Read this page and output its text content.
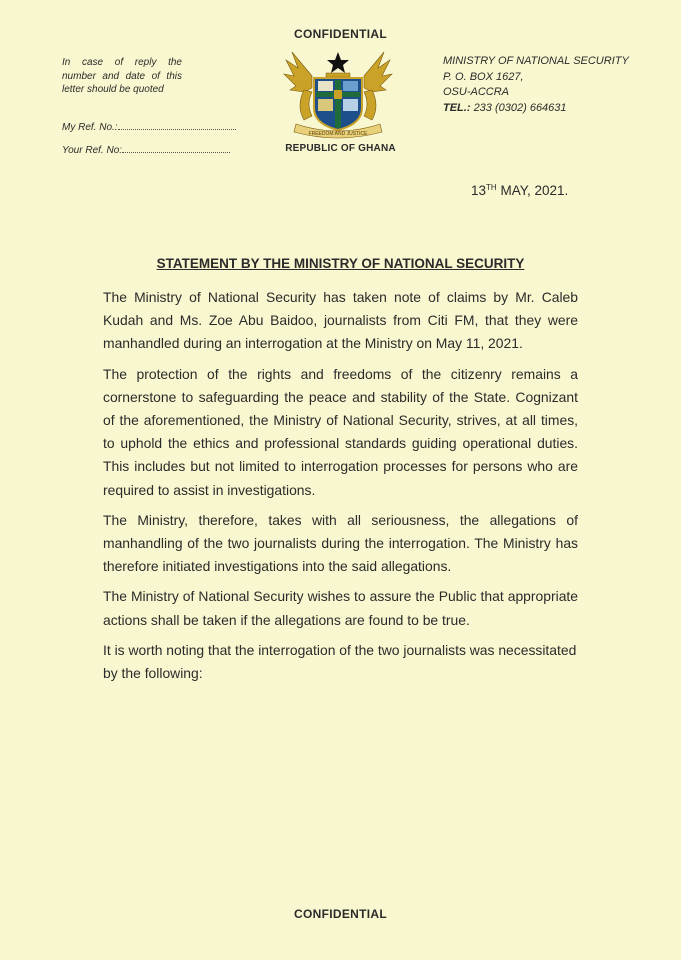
CONFIDENTIAL
In case of reply the number and date of this letter should be quoted
My Ref. No.:
Your Ref. No:
FREEDOM AND JUSTICE
REPUBLIC OF GHANA
MINISTRY OF NATIONAL SECURITY
P. O. BOX 1627,
OSU-ACCRA
TEL.: 233 (0302) 664631
13TH MAY, 2021.
STATEMENT BY THE MINISTRY OF NATIONAL SECURITY

The Ministry of National Security has taken note of claims by Mr. Caleb Kudah and Ms. Zoe Abu Baidoo, journalists from Citi FM, that they were manhandled during an interrogation at the Ministry on May 11, 2021.

The protection of the rights and freedoms of the citizenry remains a cornerstone to safeguarding the peace and stability of the State. Cognizant of the aforementioned, the Ministry of National Security, strives, at all times, to uphold the ethics and professional standards guiding operational duties. This includes but not limited to interrogation processes for persons who are required to assist in investigations.

The Ministry, therefore, takes with all seriousness, the allegations of manhandling of the two journalists during the interrogation. The Ministry has therefore initiated investigations into the said allegations.

The Ministry of National Security wishes to assure the Public that appropriate actions shall be taken if the allegations are found to be true.

It is worth noting that the interrogation of the two journalists was necessitated by the following:

CONFIDENTIAL
